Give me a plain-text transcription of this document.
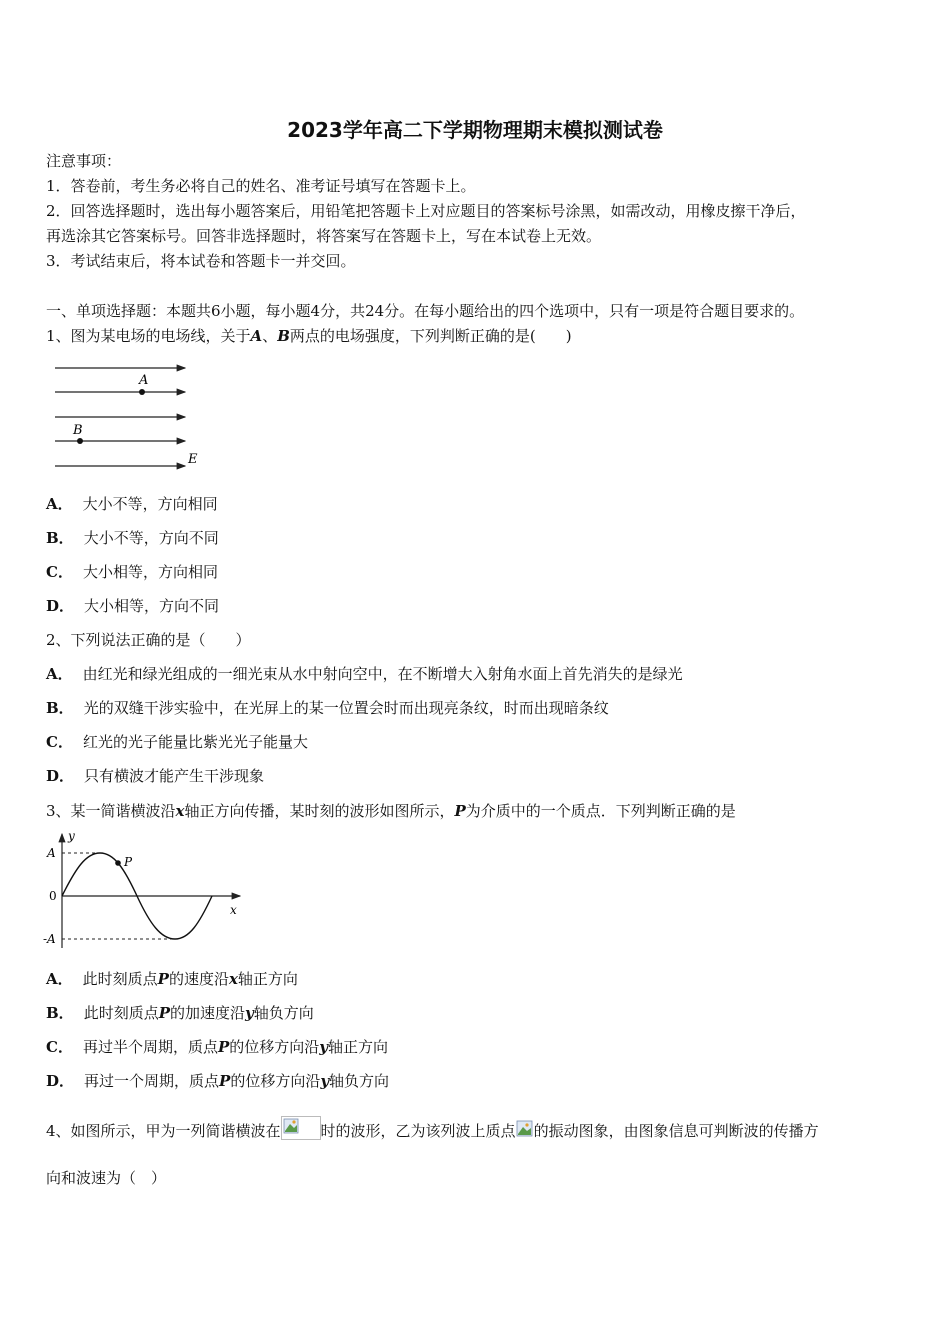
2023学年高二下学期物理期末模拟测试卷
注意事项：
1．答卷前，考生务必将自己的姓名、准考证号填写在答题卡上。
2．回答选择题时，选出每小题答案后，用铅笔把答题卡上对应题目的答案标号涂黑，如需改动，用橡皮擦干净后，
再选涂其它答案标号。回答非选择题时，将答案写在答题卡上，写在本试卷上无效。
3．考试结束后，将本试卷和答题卡一并交回。
一、单项选择题：本题共6小题，每小题4分，共24分。在每小题给出的四个选项中，只有一项是符合题目要求的。
1、图为某电场的电场线，关于A、B两点的电场强度，下列判断正确的是(　　)
A
B
E
A． 大小不等，方向相同
B． 大小不等，方向不同
C． 大小相等，方向相同
D． 大小相等，方向不同
2、下列说法正确的是（　　）
A． 由红光和绿光组成的一细光束从水中射向空中，在不断增大入射角水面上首先消失的是绿光
B． 光的双缝干涉实验中，在光屏上的某一位置会时而出现亮条纹，时而出现暗条纹
C． 红光的光子能量比紫光光子能量大
D． 只有横波才能产生干涉现象
3、某一简谐横波沿x轴正方向传播，某时刻的波形如图所示，P为介质中的一个质点．下列判断正确的是
P
y
x
A
0
-A
A． 此时刻质点P的速度沿x轴正方向
B． 此时刻质点P的加速度沿y轴负方向
C． 再过半个周期，质点P的位移方向沿y轴正方向
D． 再过一个周期，质点P的位移方向沿y轴负方向
4、如图所示，甲为一列简谐横波在	时的波形，乙为该列波上质点 的振动图象，由图象信息可判断波的传播方
向和波速为（　）
